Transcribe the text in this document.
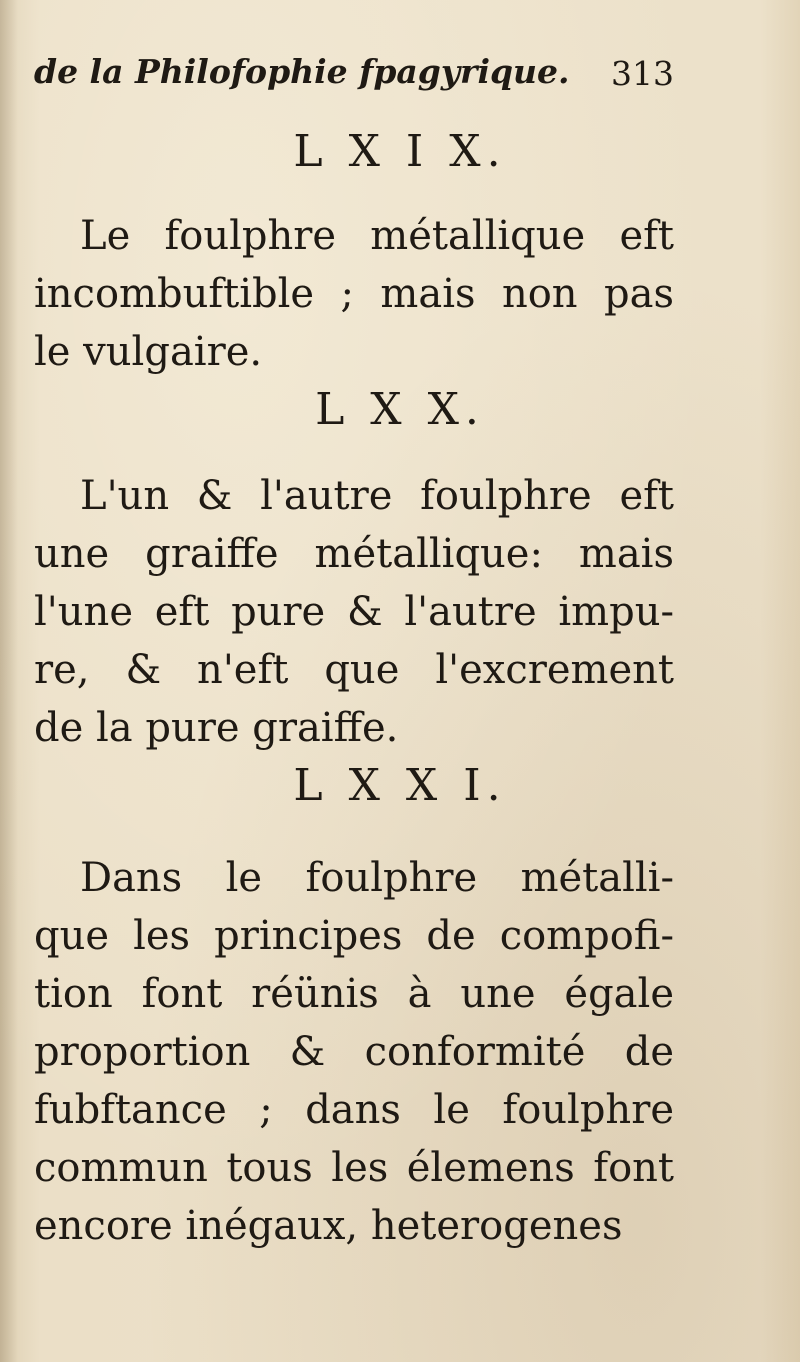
de la Philofophie fpagyrique. 313
L X I X.
Le foulphre métallique eft
incombuftible ; mais non pas
le vulgaire.
L X X.
L'un & l'autre foulphre eft
une graiffe métallique: mais
l'une eft pure & l'autre impu-
re, & n'eft que l'excrement
de la pure graiffe.
L X X I.
Dans le foulphre métalli-
que les principes de compofi-
tion font réünis à une égale
proportion & conformité de
fubftance ; dans le foulphre
commun tous les élemens font
encore inégaux, heterogenes
